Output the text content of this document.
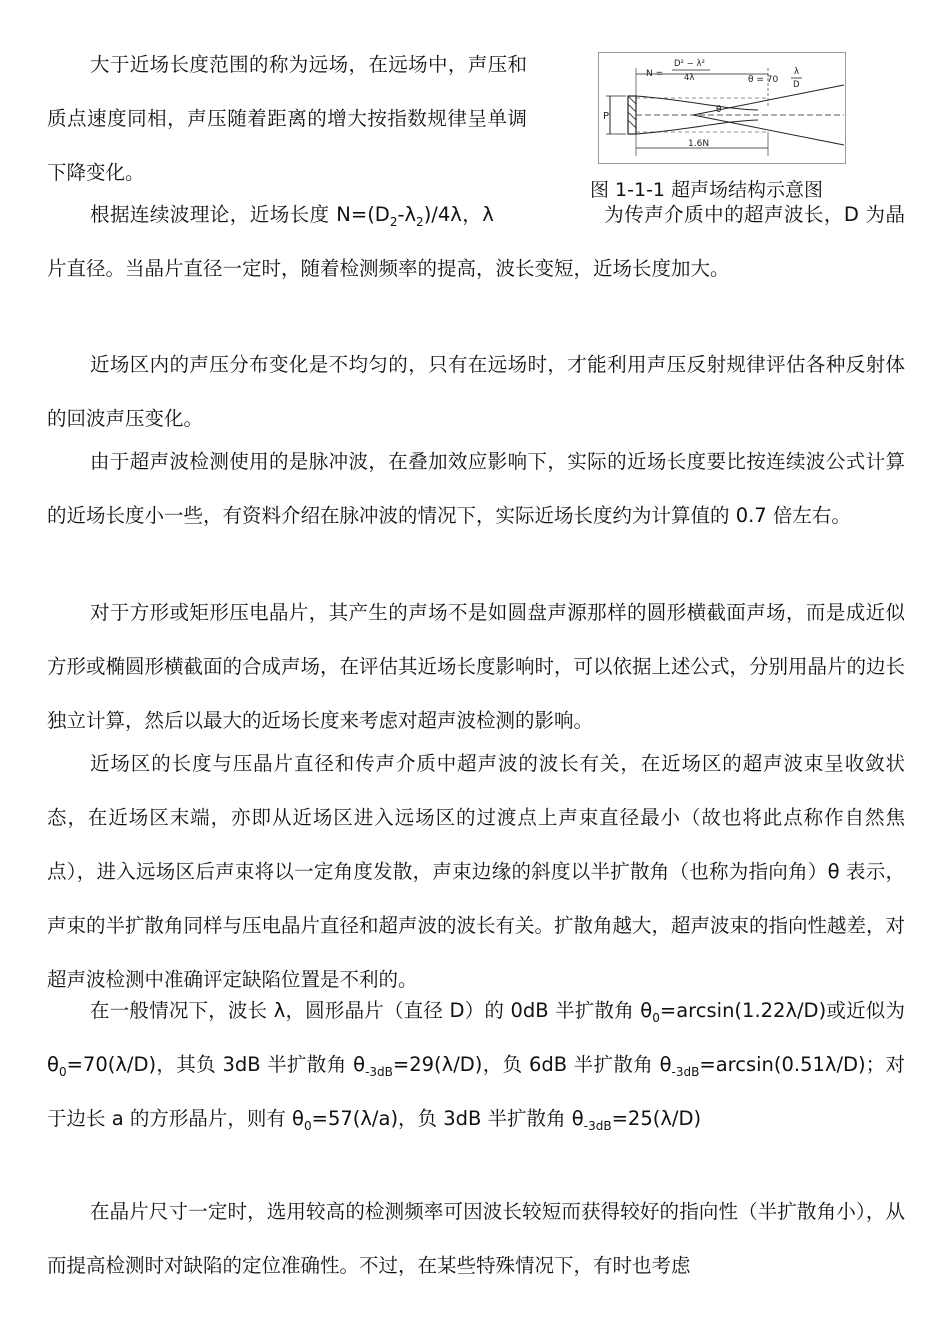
大于近场长度范围的称为远场，在远场中，声压和质点速度同相，声压随着距离的增大按指数规律呈单调下降变化。

P
N =
D² − λ²
4λ	θ = 70
λ
D
θ
1.6N
图 1-1-1 超声场结构示意图

根据连续波理论，近场长度 $N=(D_2-\lambda_2)/4\lambda$，λ	为传声介质中的超声波长，D 为晶片直径。当晶片直径一定时，随着检测频率的提高，波长变短，近场长度加大。

近场区内的声压分布变化是不均匀的，只有在远场时，才能利用声压反射规律评估各种反射体的回波声压变化。

由于超声波检测使用的是脉冲波，在叠加效应影响下，实际的近场长度要比按连续波公式计算的近场长度小一些，有资料介绍在脉冲波的情况下，实际近场长度约为计算值的 0.7 倍左右。

对于方形或矩形压电晶片，其产生的声场不是如圆盘声源那样的圆形横截面声场，而是成近似方形或椭圆形横截面的合成声场，在评估其近场长度影响时，可以依据上述公式，分别用晶片的边长独立计算，然后以最大的近场长度来考虑对超声波检测的影响。

近场区的长度与压晶片直径和传声介质中超声波的波长有关，在近场区的超声波束呈收敛状态，在近场区末端，亦即从近场区进入远场区的过渡点上声束直径最小（故也将此点称作自然焦点），进入远场区后声束将以一定角度发散，声束边缘的斜度以半扩散角（也称为指向角）θ 表示，声束的半扩散角同样与压电晶片直径和超声波的波长有关。扩散角越大，超声波束的指向性越差，对超声波检测中准确评定缺陷位置是不利的。

在一般情况下，波长 λ，圆形晶片（直径 D）的 0dB 半扩散角 $\theta_0=\arcsin(1.22\lambda/D)$或近似为 $\theta_0=70(\lambda/D)$，其负 3dB 半扩散角 $\theta_{-3dB}=29(\lambda/D)$，负 6dB 半扩散角 $\theta_{-3dB}=\arcsin(0.51\lambda/D)$；对于边长 a 的方形晶片，则有 $\theta_0=57(\lambda/a)$，负 3dB 半扩散角 $\theta_{-3dB}=25(\lambda/D)$

在晶片尺寸一定时，选用较高的检测频率可因波长较短而获得较好的指向性（半扩散角小），从而提高检测时对缺陷的定位准确性。不过，在某些特殊情况下，有时也考虑
